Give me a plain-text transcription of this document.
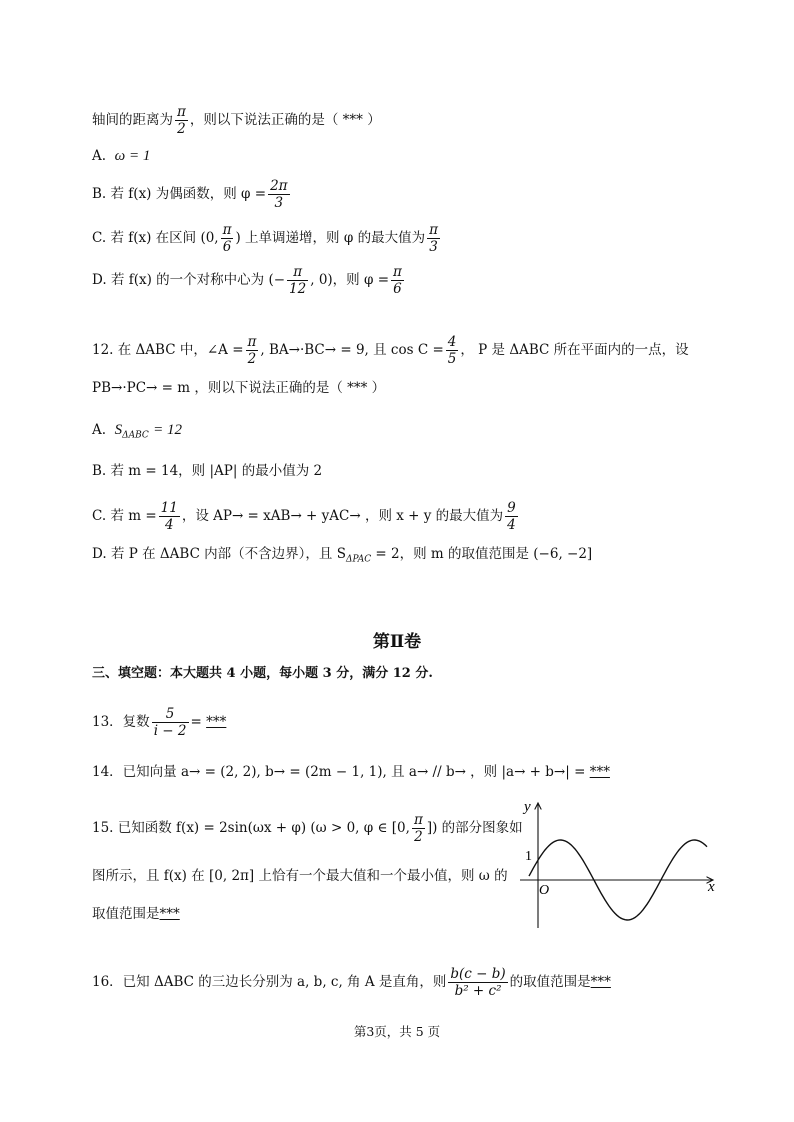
轴间的距离为 $\frac{\pi}{2}$ ，则以下说法正确的是（ *** ）
A. ω = 1
B. 若 f(x) 为偶函数，则 $\varphi = \frac{2\pi}{3}$
C. 若 f(x) 在区间 (0, $\frac{\pi}{6}$ ) 上单调递增，则 φ 的最大值为 $\frac{\pi}{3}$
D. 若 f(x) 的一个对称中心为 (− $\frac{\pi}{12}$ , 0)，则 $\varphi = \frac{\pi}{6}$
12. 在 ΔABC 中，∠A = $\frac{\pi}{2}$ , BA→·BC→ = 9, 且 $\cos C = \frac{4}{5}$ ， P 是 ΔABC 所在平面内的一点，设
PB→·PC→ = m ，则以下说法正确的是（ *** ）
A. $S_{\Delta ABC} = 12$
B. 若 m = 14，则 |AP| 的最小值为 2
C. 若 $m = \frac{11}{4}$ ，设 AP→ = xAB→ + yAC→ ，则 x + y 的最大值为 $\frac{9}{4}$
D. 若 P 在 ΔABC 内部（不含边界），且 $S_{\Delta PAC} = 2$，则 m 的取值范围是 (−6, −2]
第Ⅱ卷
三、填空题：本大题共 4 小题，每小题 3 分，满分 12 分.
13．复数 $\frac{5}{i - 2}$ = ***
14．已知向量 a→ = (2, 2), b→ = (2m − 1, 1), 且 a→ // b→ ，则 |a→ + b→| = ***
15. 已知函数 f(x) = 2sin(ωx + φ) (ω > 0, φ ∈ [0, $\frac{\pi}{2}$ ]) 的部分图象如
图所示，且 f(x) 在 [0, 2π] 上恰有一个最大值和一个最小值，则 ω 的
取值范围是***
y
x
O
1
16．已知 ΔABC 的三边长分别为 a, b, c, 角 A 是直角，则 $\frac{b(c - b)}{\text{b² + c²}}$ 的取值范围是***
第3页，共 5 页
